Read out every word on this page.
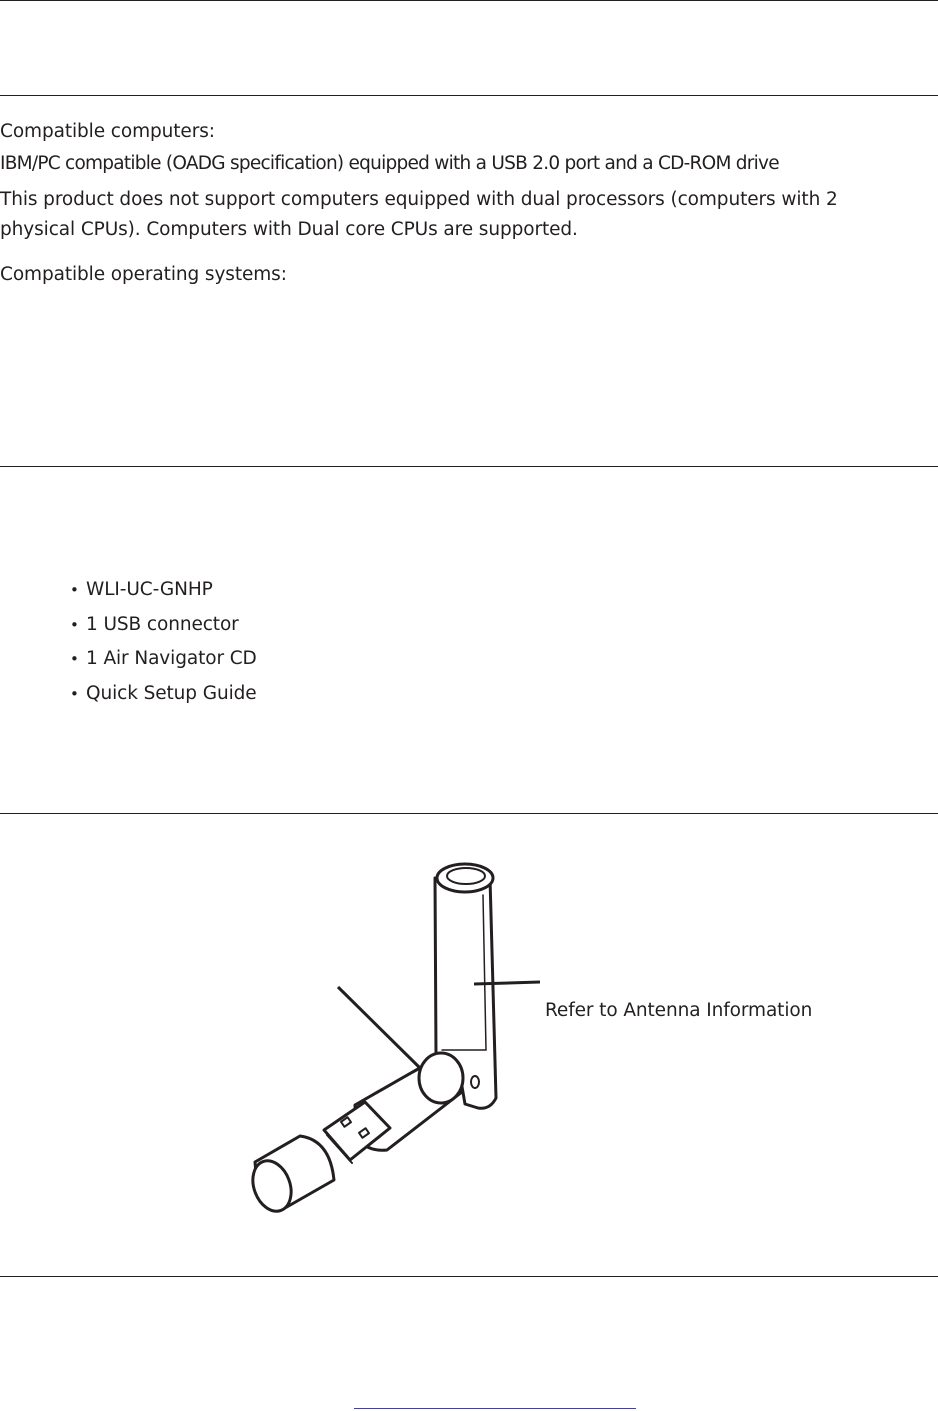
Compatible computers:
IBM/PC compatible (OADG specification) equipped with a USB 2.0 port and a CD-ROM drive
This product does not support computers equipped with dual processors (computers with 2 physical CPUs). Computers with Dual core CPUs are supported.
Compatible operating systems:
• WLI-UC-GNHP
• 1 USB connector
• 1 Air Navigator CD
• Quick Setup Guide
Refer to Antenna Information
